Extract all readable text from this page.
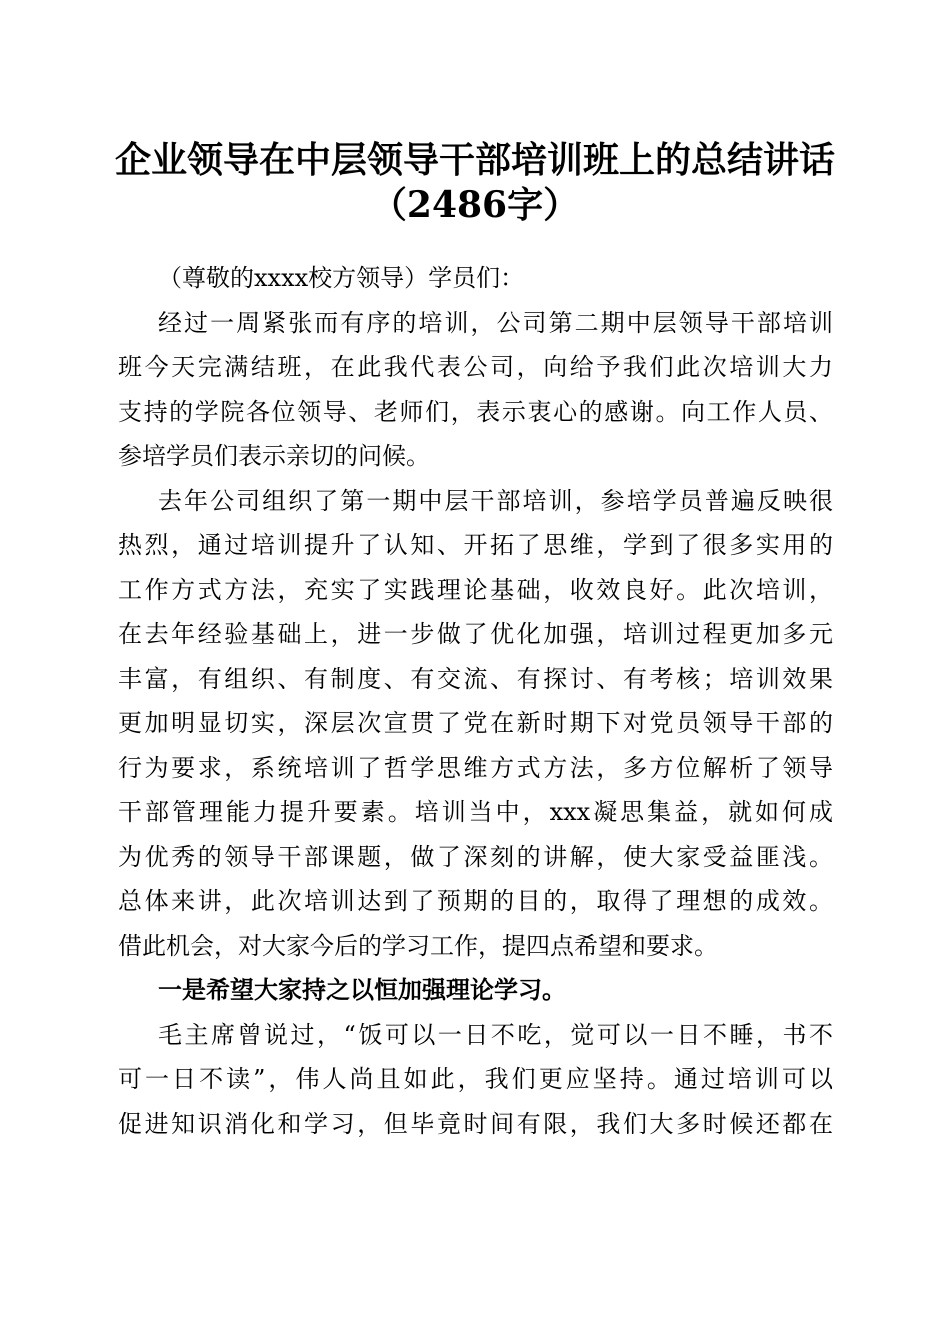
企业领导在中层领导干部培训班上的总结讲话
（2486字）
（尊敬的xxxx校方领导）学员们：
经过一周紧张而有序的培训，公司第二期中层领导干部培训
班今天完满结班，在此我代表公司，向给予我们此次培训大力
支持的学院各位领导、老师们，表示衷心的感谢。向工作人员、
参培学员们表示亲切的问候。
去年公司组织了第一期中层干部培训，参培学员普遍反映很
热烈，通过培训提升了认知、开拓了思维，学到了很多实用的
工作方式方法，充实了实践理论基础，收效良好。此次培训，
在去年经验基础上，进一步做了优化加强，培训过程更加多元
丰富，有组织、有制度、有交流、有探讨、有考核；培训效果
更加明显切实，深层次宣贯了党在新时期下对党员领导干部的
行为要求，系统培训了哲学思维方式方法，多方位解析了领导
干部管理能力提升要素。培训当中，xxx凝思集益，就如何成
为优秀的领导干部课题，做了深刻的讲解，使大家受益匪浅。
总体来讲，此次培训达到了预期的目的，取得了理想的成效。
借此机会，对大家今后的学习工作，提四点希望和要求。
一是希望大家持之以恒加强理论学习。
毛主席曾说过，“饭可以一日不吃，觉可以一日不睡，书不
可一日不读”，伟人尚且如此，我们更应坚持。通过培训可以
促进知识消化和学习，但毕竟时间有限，我们大多时候还都在
